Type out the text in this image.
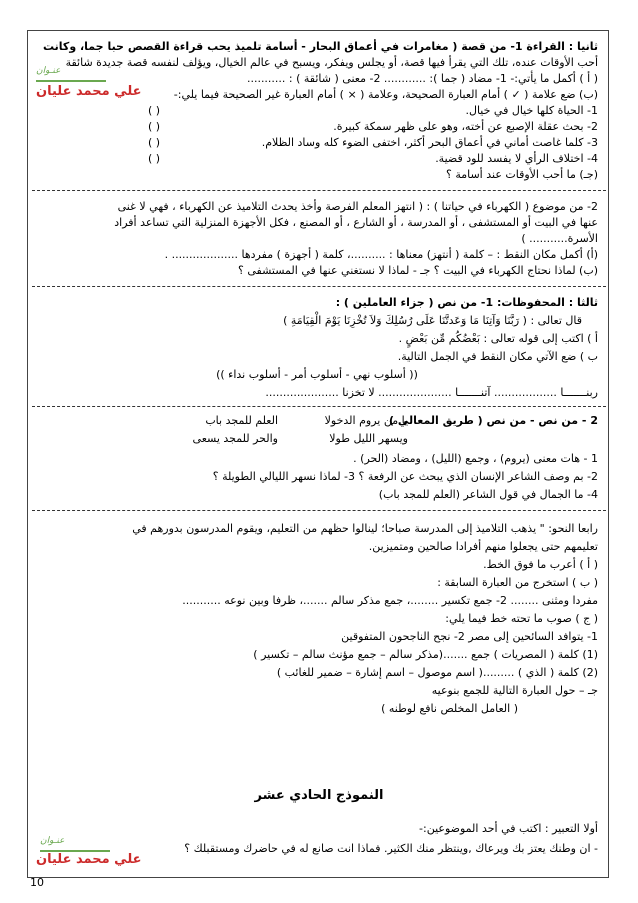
ثانيا : القراءة 1- من قصة ( مغامرات في أعماق البحار - أسامة تلميذ يحب قراءة القصص حبا جما، وكانت
أحب الأوقات عنده، تلك التي يقرأ فيها قصة، أو يجلس ويفكر، ويسبح في عالم الخيال، ويؤلف لنفسه قصة جديدة شائقة
( أ ) أكمل ما يأتي:- 1- مضاد ( جما ): ............ 2- معنى ( شائقة ) : ...........
(ب) ضع علامة ( ✓ ) أمام العبارة الصحيحة، وعلامة ( × ) أمام العبارة غير الصحيحة فيما يلي:-
1- الحياة كلها خيال في خيال.
2- بحث عقلة الإصبع عن أخته، وهو على ظهر سمكة كبيرة.
3- كلما غاصت أماني في أعماق البحر أكثر، اختفى الضوء كله وساد الظلام.
4- اختلاف الرأي لا يفسد للود قضية.
( )
( )
( )
( )
(جـ) ما أحب الأوقات عند أسامة ؟
2- من موضوع ( الكهرباء في حياتنا ) : ( انتهز المعلم الفرصة وأخذ يحدث التلاميذ عن الكهرباء ، فهي لا غنى
عنها في البيت أو المستشفى ، أو المدرسة ، أو الشارع ، أو المصنع ، فكل الأجهزة المنزلية التي تساعد أفراد
الأسرة........... )
(أ) أكمل مكان النقط : – كلمة ( أنتهز) معناها : ..........، كلمة ( أجهزة ) مفردها ................... .
(ب) لماذا نحتاج الكهرباء في البيت ؟ جـ - لماذا لا نستغني عنها في المستشفى ؟
ثالثا : المحفوظات: 1- من نص ( جزاء العاملين ) :
قال تعالى : ( رَبَّنَا وَآتِنَا مَا وَعَدتَّنَا عَلَى رُسُلِكَ وَلاَ تُخْزِنَا يَوْمَ الْقِيَامَةِ )
أ ) اكتب إلى قوله تعالى : بَعْضُكُم مِّن بَعْضٍ .
ب ) ضع الآتي مكان النقط في الجمل التالية.
(( أسلوب نهي - أسلوب أمر - أسلوب نداء ))
ربنـــــــا .................. آتنـــــــا ..................... لا تخزنا .....................
2 - من نص - من نص ( طريق المعالي )
العلم للمجد باب	يا من يروم الدخولا
والحر للمجد يسعى	ويسهر الليل طولا
1 - هات معنى (يروم) ، وجمع (الليل) ، ومضاد (الحر) .
2- بم وصف الشاعر الإنسان الذي يبحث عن الرفعة ؟ 3- لماذا نسهر الليالي الطويلة ؟
4- ما الجمال في قول الشاعر (العلم للمجد باب)
رابعا النحو: " يذهب التلاميذ إلى المدرسة صباحا؛ لينالوا حظهم من التعليم، ويقوم المدرسون بدورهم في
تعليمهم حتى يجعلوا منهم أفرادا صالحين ومتميزين.
( أ ) أعرب ما فوق الخط.
( ب ) استخرج من العبارة السابقة :
مفردا ومثنى ........ 2- جمع تكسير ........، جمع مذكر سالم .......، ظرفا وبين نوعه ...........
( ج ) صوب ما تحته خط فيما يلي:
1- يتوافد السائحين إلى مصر 2- نجح الناجحون المتفوقين
(1) كلمة ( المصريات ) جمع .......(مذكر سالم – جمع مؤنث سالم – تكسير )
(2) كلمة ( الذي ) .........( اسم موصول – اسم إشارة – ضمير للغائب )
جـ – حول العبارة التالية للجمع بنوعيه
( العامل المخلص نافع لوطنه )
النموذج الحادي عشر
أولا التعبير : اكتب في أحد الموضوعين:-
- ان وطنك يعتز بك ويرعاك ,وينتظر منك الكثير. فماذا انت صانع له في حاضرك ومستقبلك ؟
عنـوان
علي محمد عليان
عنـوان
علي محمد عليان
10
